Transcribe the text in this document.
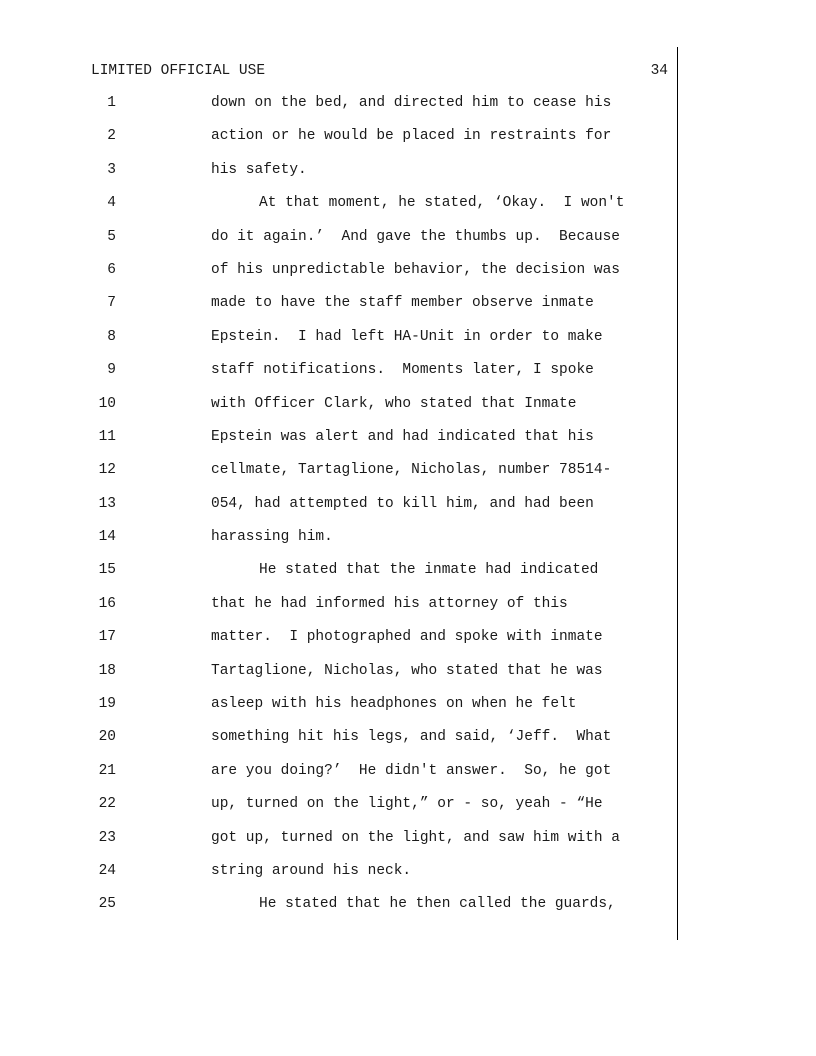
LIMITED OFFICIAL USE	34
1	down on the bed, and directed him to cease his
2	action or he would be placed in restraints for
3	his safety.
4	At that moment, he stated, ‘Okay.  I won't
5	do it again.’  And gave the thumbs up.  Because
6	of his unpredictable behavior, the decision was
7	made to have the staff member observe inmate
8	Epstein.  I had left HA-Unit in order to make
9	staff notifications.  Moments later, I spoke
10	with Officer Clark, who stated that Inmate
11	Epstein was alert and had indicated that his
12	cellmate, Tartaglione, Nicholas, number 78514-
13	054, had attempted to kill him, and had been
14	harassing him.
15	He stated that the inmate had indicated
16	that he had informed his attorney of this
17	matter.  I photographed and spoke with inmate
18	Tartaglione, Nicholas, who stated that he was
19	asleep with his headphones on when he felt
20	something hit his legs, and said, ‘Jeff.  What
21	are you doing?’  He didn't answer.  So, he got
22	up, turned on the light,” or - so, yeah - “He
23	got up, turned on the light, and saw him with a
24	string around his neck.
25	He stated that he then called the guards,
